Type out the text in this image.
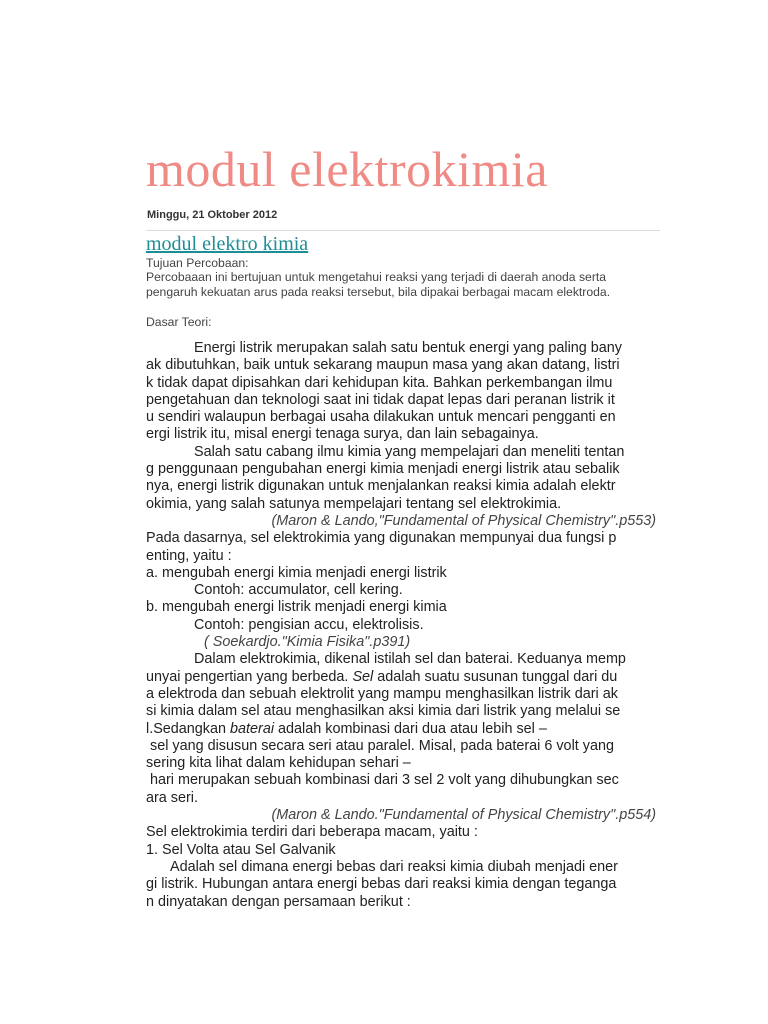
modul elektrokimia
Minggu, 21 Oktober 2012
modul elektro kimia
Tujuan Percobaan:
Percobaaan ini bertujuan untuk mengetahui reaksi yang terjadi di daerah anoda serta
pengaruh kekuatan arus pada reaksi tersebut, bila dipakai berbagai macam elektroda.
Dasar Teori:
Energi listrik merupakan salah satu bentuk energi yang paling bany
ak dibutuhkan, baik untuk sekarang maupun masa yang akan datang, listri
k tidak dapat dipisahkan dari kehidupan kita. Bahkan perkembangan ilmu
pengetahuan dan teknologi saat ini tidak dapat lepas dari peranan listrik it
u sendiri walaupun berbagai usaha dilakukan untuk mencari pengganti en
ergi listrik itu, misal energi tenaga surya, dan lain sebagainya.
Salah satu cabang ilmu kimia yang mempelajari dan meneliti tentan
g penggunaan pengubahan energi kimia menjadi energi listrik atau sebalik
nya, energi listrik digunakan untuk menjalankan reaksi kimia adalah elektr
okimia, yang salah satunya mempelajari tentang sel elektrokimia.
(Maron & Lando,"Fundamental of Physical Chemistry".p553)
Pada dasarnya, sel elektrokimia yang digunakan mempunyai dua fungsi p
enting, yaitu :
a. mengubah energi kimia menjadi energi listrik
Contoh: accumulator, cell kering.
b. mengubah energi listrik menjadi energi kimia
Contoh: pengisian accu, elektrolisis.
( Soekardjo."Kimia Fisika".p391)
Dalam elektrokimia, dikenal istilah sel dan baterai. Keduanya memp
unyai pengertian yang berbeda. Sel adalah suatu susunan tunggal dari du
a elektroda dan sebuah elektrolit yang mampu menghasilkan listrik dari ak
si kimia dalam sel atau menghasilkan aksi kimia dari listrik yang melalui se
l.Sedangkan baterai adalah kombinasi dari dua atau lebih sel –
sel yang disusun secara seri atau paralel. Misal, pada baterai 6 volt yang
sering kita lihat dalam kehidupan sehari –
hari merupakan sebuah kombinasi dari 3 sel 2 volt yang dihubungkan sec
ara seri.
(Maron & Lando."Fundamental of Physical Chemistry".p554)
Sel elektrokimia terdiri dari beberapa macam, yaitu :
1. Sel Volta atau Sel Galvanik
Adalah sel dimana energi bebas dari reaksi kimia diubah menjadi ener
gi listrik. Hubungan antara energi bebas dari reaksi kimia dengan teganga
n dinyatakan dengan persamaan berikut :
